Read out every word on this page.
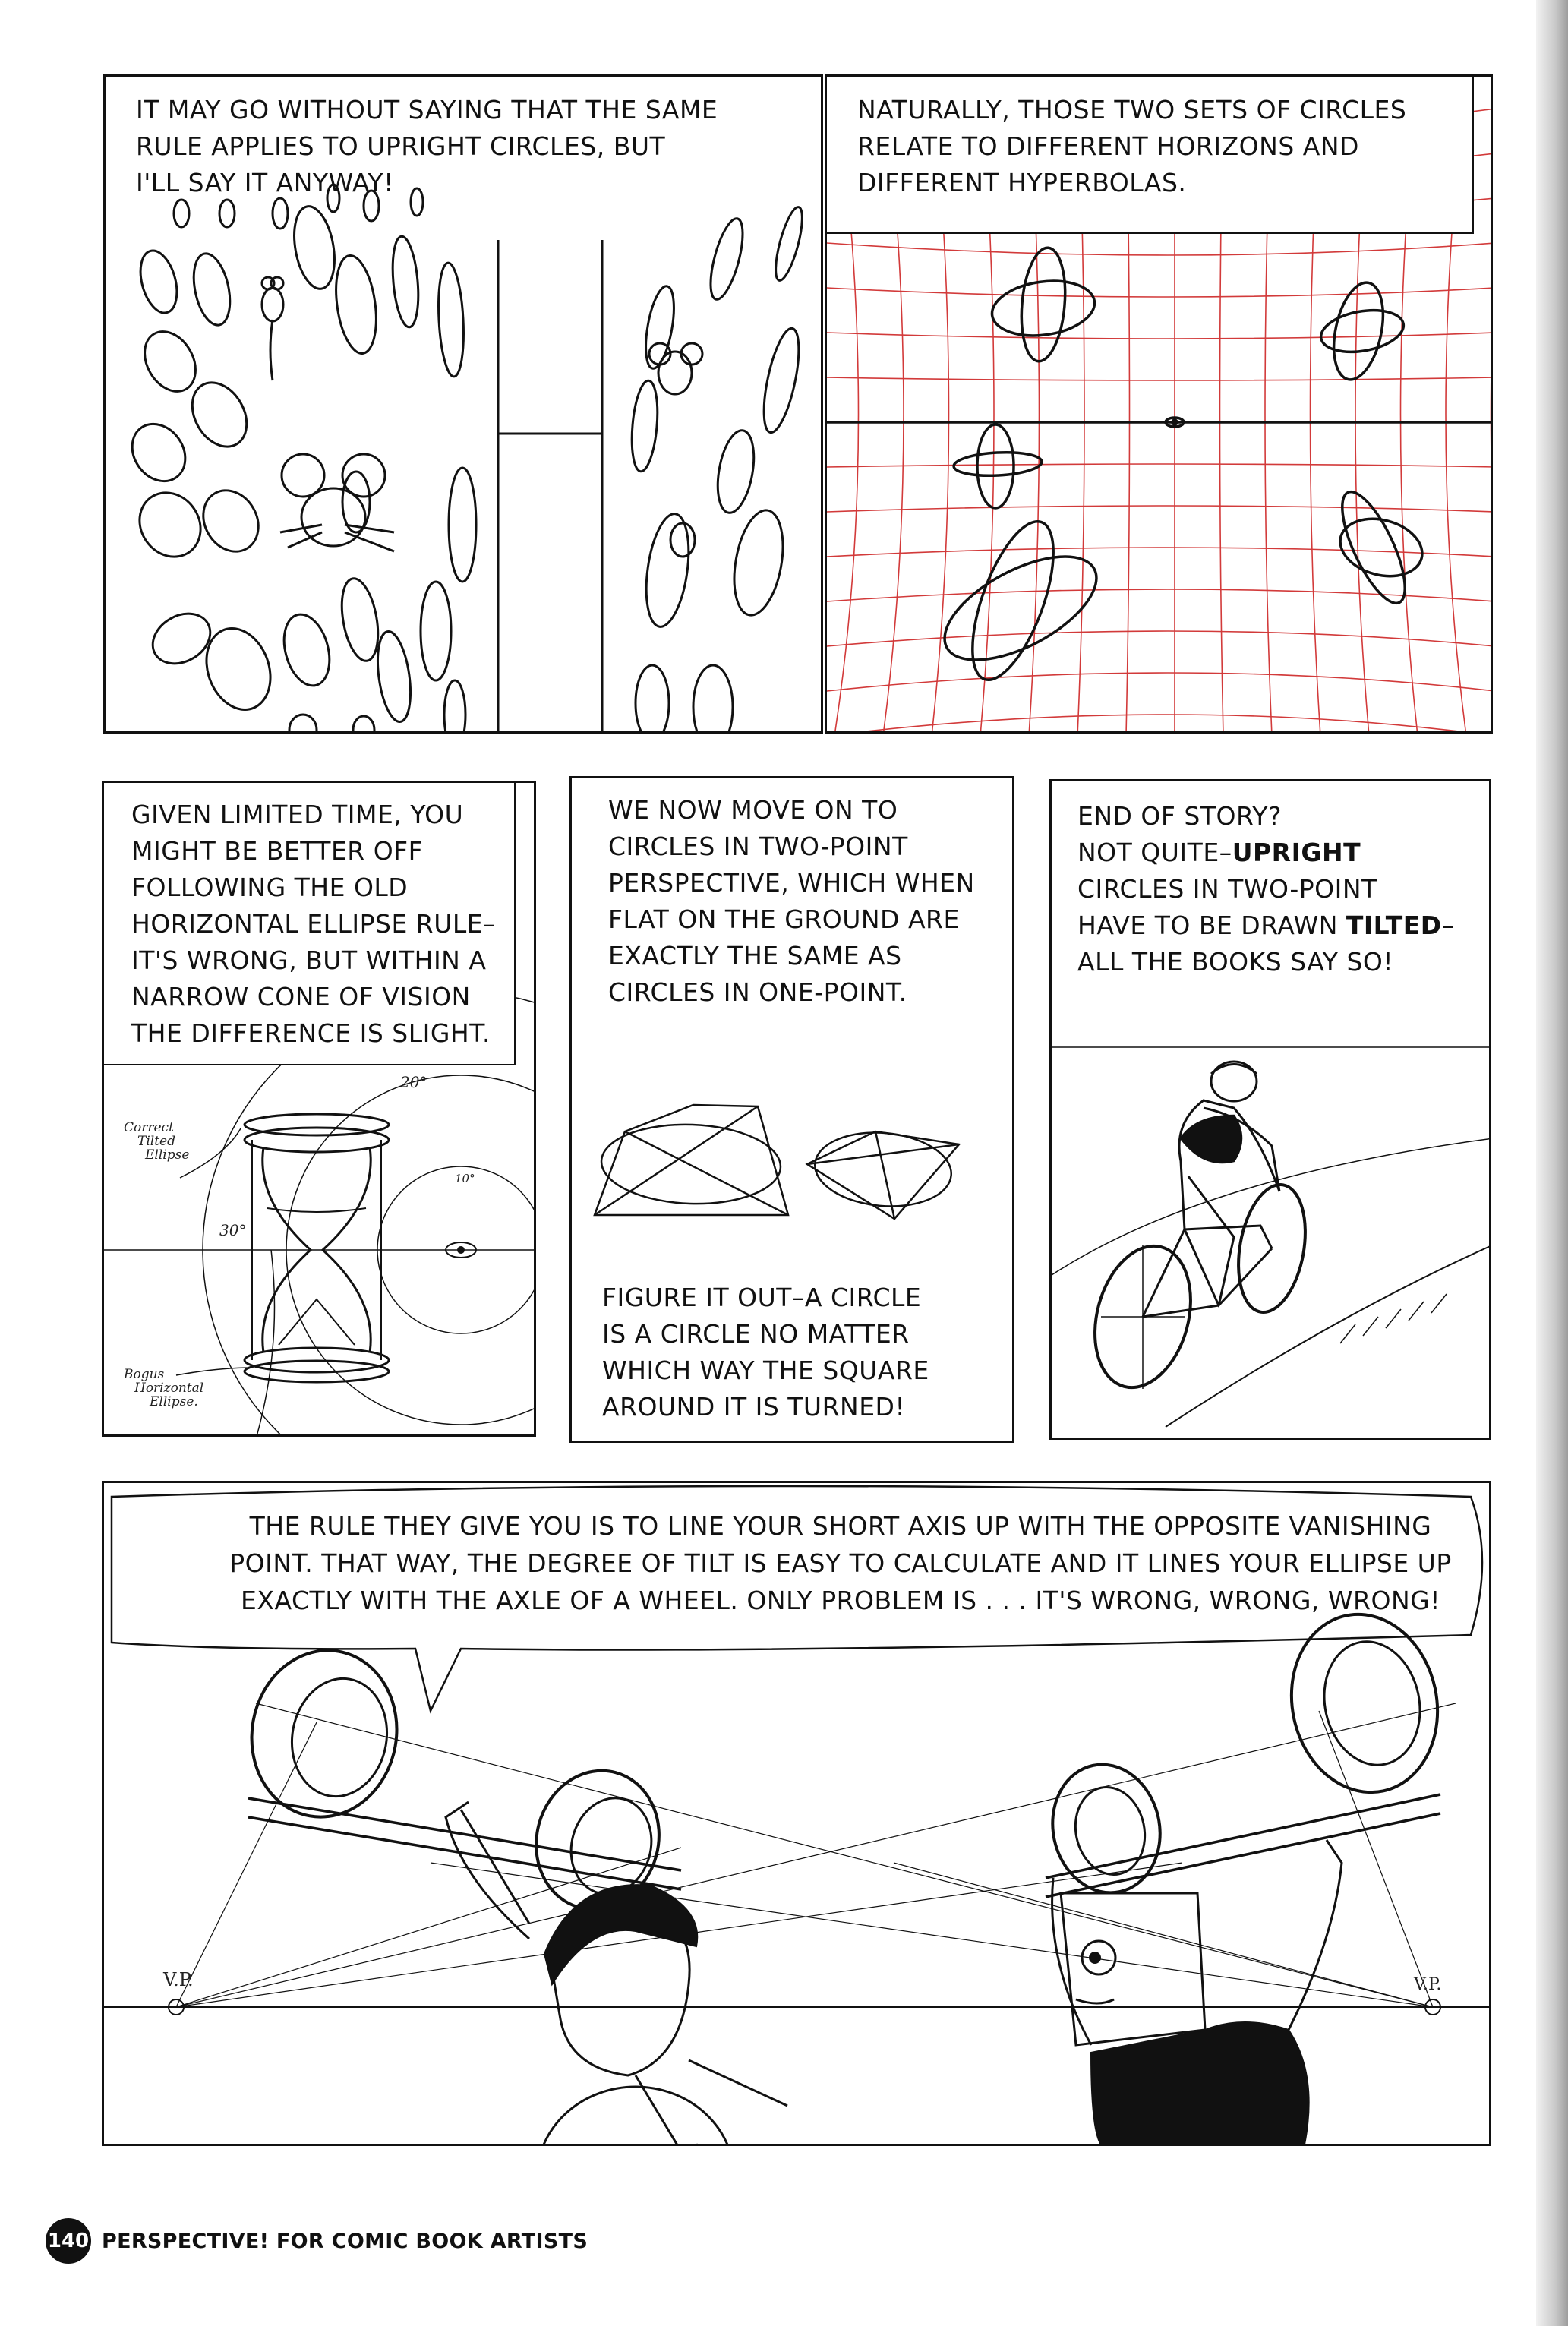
IT MAY GO WITHOUT SAYING THAT THE SAME
RULE APPLIES TO UPRIGHT CIRCLES, BUT
I'LL SAY IT ANYWAY!
NATURALLY, THOSE TWO SETS OF CIRCLES
RELATE TO DIFFERENT HORIZONS AND
DIFFERENT HYPERBOLAS.
GIVEN LIMITED TIME, YOU
MIGHT BE BETTER OFF
FOLLOWING THE OLD
HORIZONTAL ELLIPSE RULE–
IT'S WRONG, BUT WITHIN A
NARROW CONE OF VISION
THE DIFFERENCE IS SLIGHT.
Correct
Tilted
Ellipse
Bogus
Horizontal
Ellipse.
20°
10°
30°
WE NOW MOVE ON TO
CIRCLES IN TWO-POINT
PERSPECTIVE, WHICH WHEN
FLAT ON THE GROUND ARE
EXACTLY THE SAME AS
CIRCLES IN ONE-POINT.
FIGURE IT OUT–A CIRCLE
IS A CIRCLE NO MATTER
WHICH WAY THE SQUARE
AROUND IT IS TURNED!
END OF STORY?
NOT QUITE–UPRIGHT
CIRCLES IN TWO-POINT
HAVE TO BE DRAWN TILTED–
ALL THE BOOKS SAY SO!
THE RULE THEY GIVE YOU IS TO LINE YOUR SHORT AXIS UP WITH THE OPPOSITE VANISHING
POINT. THAT WAY, THE DEGREE OF TILT IS EASY TO CALCULATE AND IT LINES YOUR ELLIPSE UP
EXACTLY WITH THE AXLE OF A WHEEL. ONLY PROBLEM IS . . . IT'S WRONG, WRONG, WRONG!
V.P.	V.P.
140 PERSPECTIVE! FOR COMIC BOOK ARTISTS
